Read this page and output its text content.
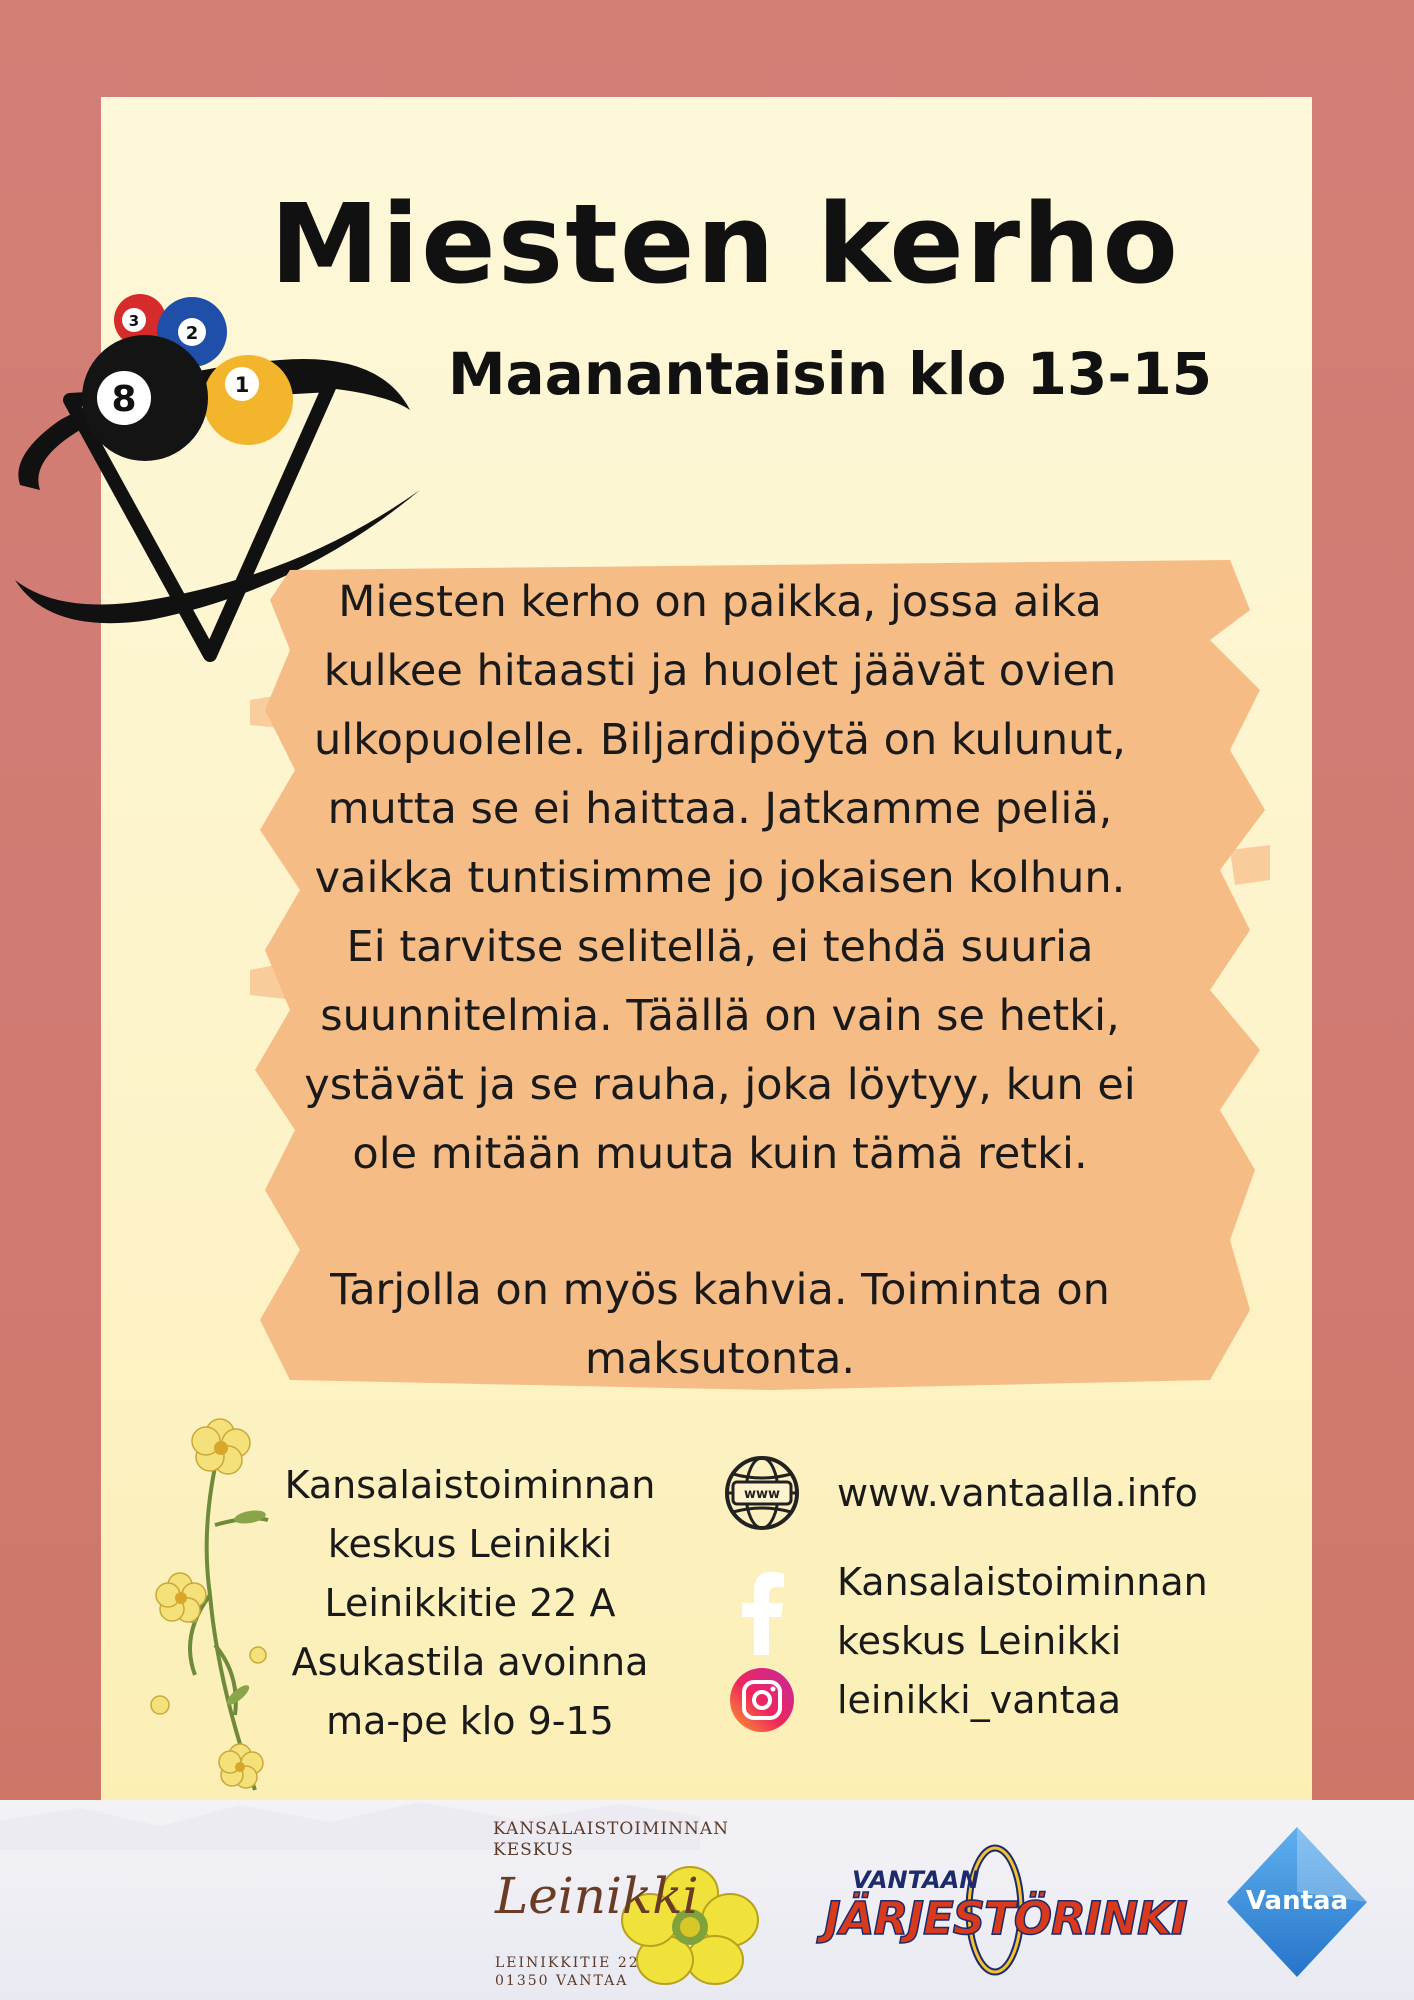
3
2
1
8
Miesten kerho
Maanantaisin klo 13-15
Miesten kerho on paikka, jossa aika
kulkee hitaasti ja huolet jäävät ovien
ulkopuolelle. Biljardipöytä on kulunut,
mutta se ei haittaa. Jatkamme peliä,
vaikka tuntisimme jo jokaisen kolhun.
Ei tarvitse selitellä, ei tehdä suuria
suunnitelmia. Täällä on vain se hetki,
ystävät ja se rauha, joka löytyy, kun ei
ole mitään muuta kuin tämä retki.
Tarjolla on myös kahvia. Toiminta on
maksutonta.
Kansalaistoiminnan
keskus Leinikki
Leinikkitie 22 A
Asukastila avoinna
ma-pe klo 9-15
www www.vantaalla.info
Kansalaistoiminnan
keskus Leinikki
leinikki_vantaa
KANSALAISTOIMINNAN
KESKUS
Leinikki
LEINIKKITIE 22
01350 VANTAA
VANTAAN
JÄRJESTÖRINKI	Vantaa
